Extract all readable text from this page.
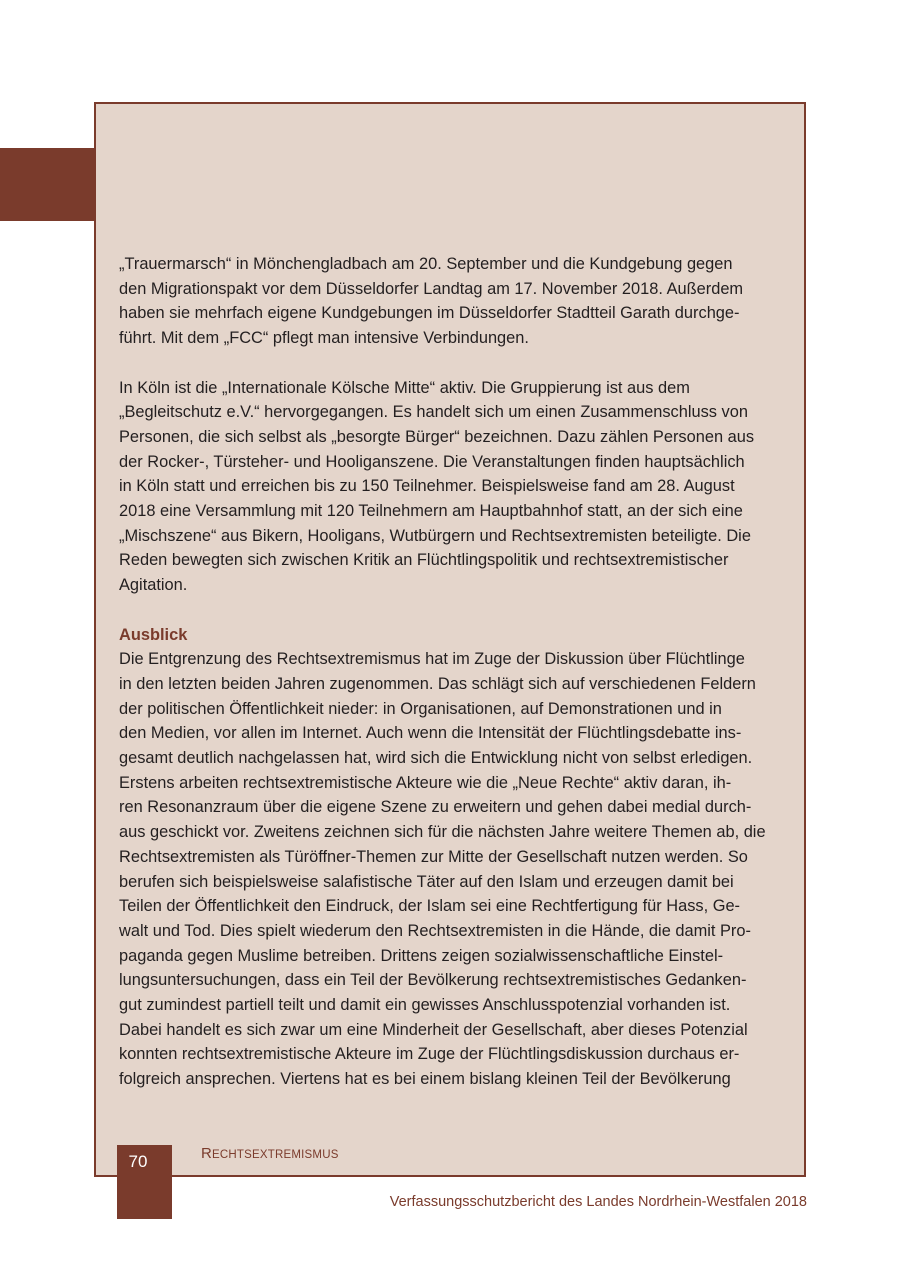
„Trauermarsch“ in Mönchengladbach am 20. September und die Kundgebung gegen
den Migrationspakt vor dem Düsseldorfer Landtag am 17. November 2018. Außerdem
haben sie mehrfach eigene Kundgebungen im Düsseldorfer Stadtteil Garath durchge-
führt. Mit dem „FCC“ pflegt man intensive Verbindungen.

In Köln ist die „Internationale Kölsche Mitte“ aktiv. Die Gruppierung ist aus dem
„Begleitschutz e.V.“ hervorgegangen. Es handelt sich um einen Zusammenschluss von
Personen, die sich selbst als „besorgte Bürger“ bezeichnen. Dazu zählen Personen aus
der Rocker-, Türsteher- und Hooliganszene. Die Veranstaltungen finden hauptsächlich
in Köln statt und erreichen bis zu 150 Teilnehmer. Beispielsweise fand am 28. August
2018 eine Versammlung mit 120 Teilnehmern am Hauptbahnhof statt, an der sich eine
„Mischszene“ aus Bikern, Hooligans, Wutbürgern und Rechtsextremisten beteiligte. Die
Reden bewegten sich zwischen Kritik an Flüchtlingspolitik und rechtsextremistischer
Agitation.

Ausblick

Die Entgrenzung des Rechtsextremismus hat im Zuge der Diskussion über Flüchtlinge
in den letzten beiden Jahren zugenommen. Das schlägt sich auf verschiedenen Feldern
der politischen Öffentlichkeit nieder: in Organisationen, auf Demonstrationen und in
den Medien, vor allen im Internet. Auch wenn die Intensität der Flüchtlingsdebatte ins-
gesamt deutlich nachgelassen hat, wird sich die Entwicklung nicht von selbst erledigen.
Erstens arbeiten rechtsextremistische Akteure wie die „Neue Rechte“ aktiv daran, ih-
ren Resonanzraum über die eigene Szene zu erweitern und gehen dabei medial durch-
aus geschickt vor. Zweitens zeichnen sich für die nächsten Jahre weitere Themen ab, die
Rechtsextremisten als Türöffner-Themen zur Mitte der Gesellschaft nutzen werden. So
berufen sich beispielsweise salafistische Täter auf den Islam und erzeugen damit bei
Teilen der Öffentlichkeit den Eindruck, der Islam sei eine Rechtfertigung für Hass, Ge-
walt und Tod. Dies spielt wiederum den Rechtsextremisten in die Hände, die damit Pro-
paganda gegen Muslime betreiben. Drittens zeigen sozialwissenschaftliche Einstel-
lungsuntersuchungen, dass ein Teil der Bevölkerung rechtsextremistisches Gedanken-
gut zumindest partiell teilt und damit ein gewisses Anschlusspotenzial vorhanden ist.
Dabei handelt es sich zwar um eine Minderheit der Gesellschaft, aber dieses Potenzial
konnten rechtsextremistische Akteure im Zuge der Flüchtlingsdiskussion durchaus er-
folgreich ansprechen. Viertens hat es bei einem bislang kleinen Teil der Bevölkerung

70	RECHTSEXTREMISMUS
Verfassungsschutzbericht des Landes Nordrhein-Westfalen 2018
